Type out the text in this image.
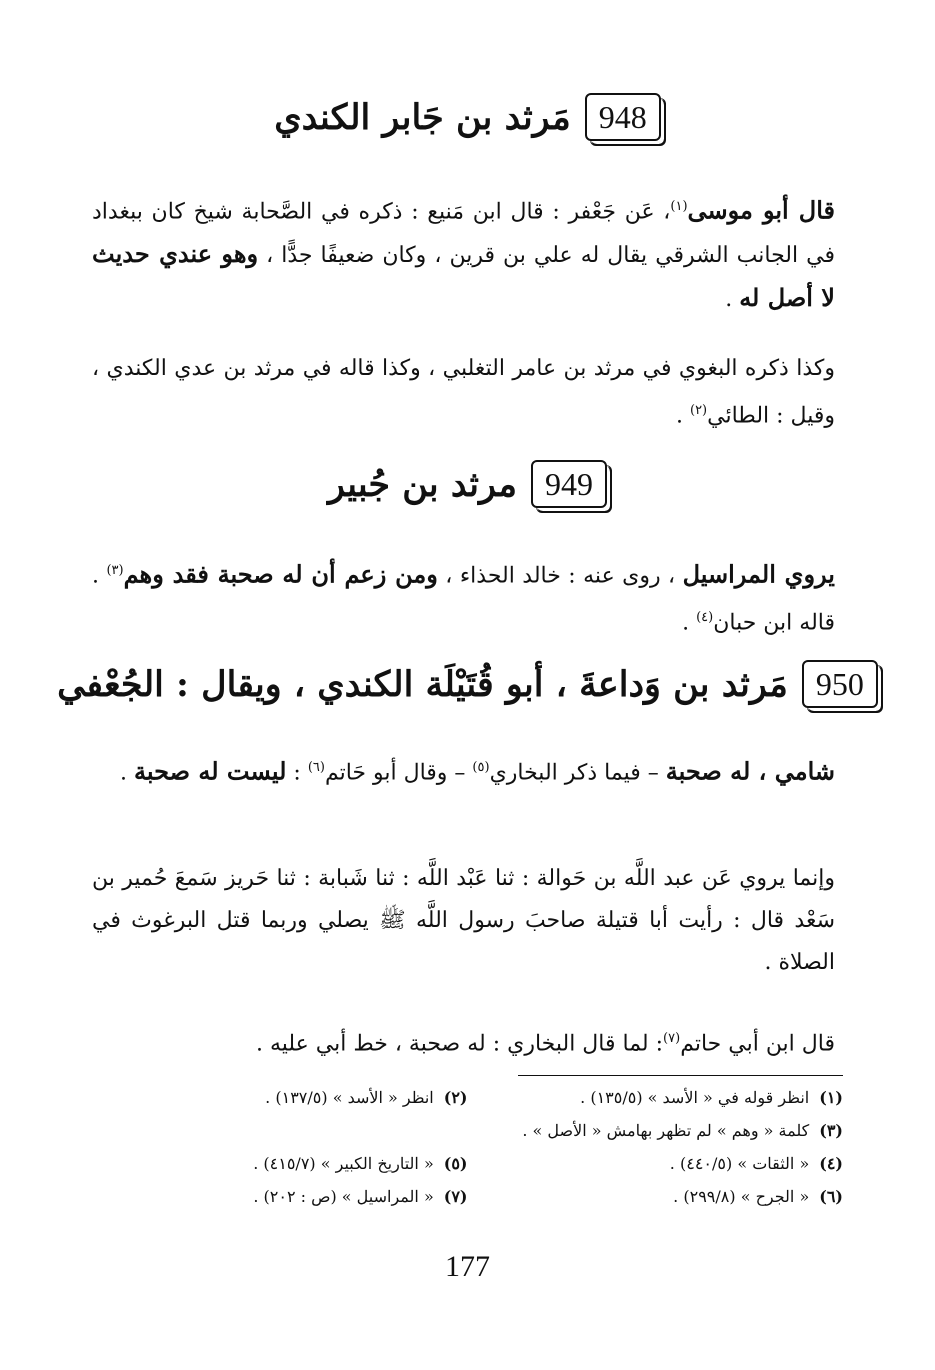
مَرثد بن جَابر الكندي 948
قال أبو موسى$^{(١)}$، عَن جَعْفر : قال ابن مَنيع : ذكره في الصَّحابة شيخ كان ببغداد في الجانب الشرقي يقال له علي بن قرين ، وكان ضعيفًا جدًّا ، وهو عندي حديث لا أصل له .
وكذا ذكره البغوي في مرثد بن عامر التغلبي ، وكذا قاله في مرثد بن عدي الكندي ، وقيل : الطائي$^{(٢)}$ .
مرثد بن جُبير 949
يروي المراسيل ، روى عنه : خالد الحذاء ، ومن زعم أن له صحبة فقد وهم$^{(٣)}$ . قاله ابن حبان$^{(٤)}$ .
مَرثد بن وَداعةَ ، أبو قُتَيْلَة الكندي ، ويقال : الجُعْفي 950
شامي ، له صحبة – فيما ذكر البخاري$^{(٥)}$ – وقال أبو حَاتم$^{(٦)}$ : ليست له صحبة .
وإنما يروي عَن عبد اللَّه بن حَوالة : ثنا عَبْد اللَّه : ثنا شَبابة : ثنا حَريز سَمعَ حُمير بن سَعْد قال : رأيت أبا قتيلة صاحبَ رسول اللَّه ﷺ يصلي وربما قتل البرغوث في الصلاة .
قال ابن أبي حاتم$^{(٧)}$: لما قال البخاري : له صحبة ، خط أبي عليه .
(١)انظر قوله في « الأسد » (١٣٥/٥) .
(٢)انظر « الأسد » (١٣٧/٥) .
(٣)كلمة « وهم » لم تظهر بهامش « الأصل » .
(٤)« الثقات » (٤٤٠/٥) .
(٥)« التاريخ الكبير » (٤١٥/٧) .
(٦)« الجرح » (٢٩٩/٨) .
(٧)« المراسيل » (ص : ٢٠٢) .
177
